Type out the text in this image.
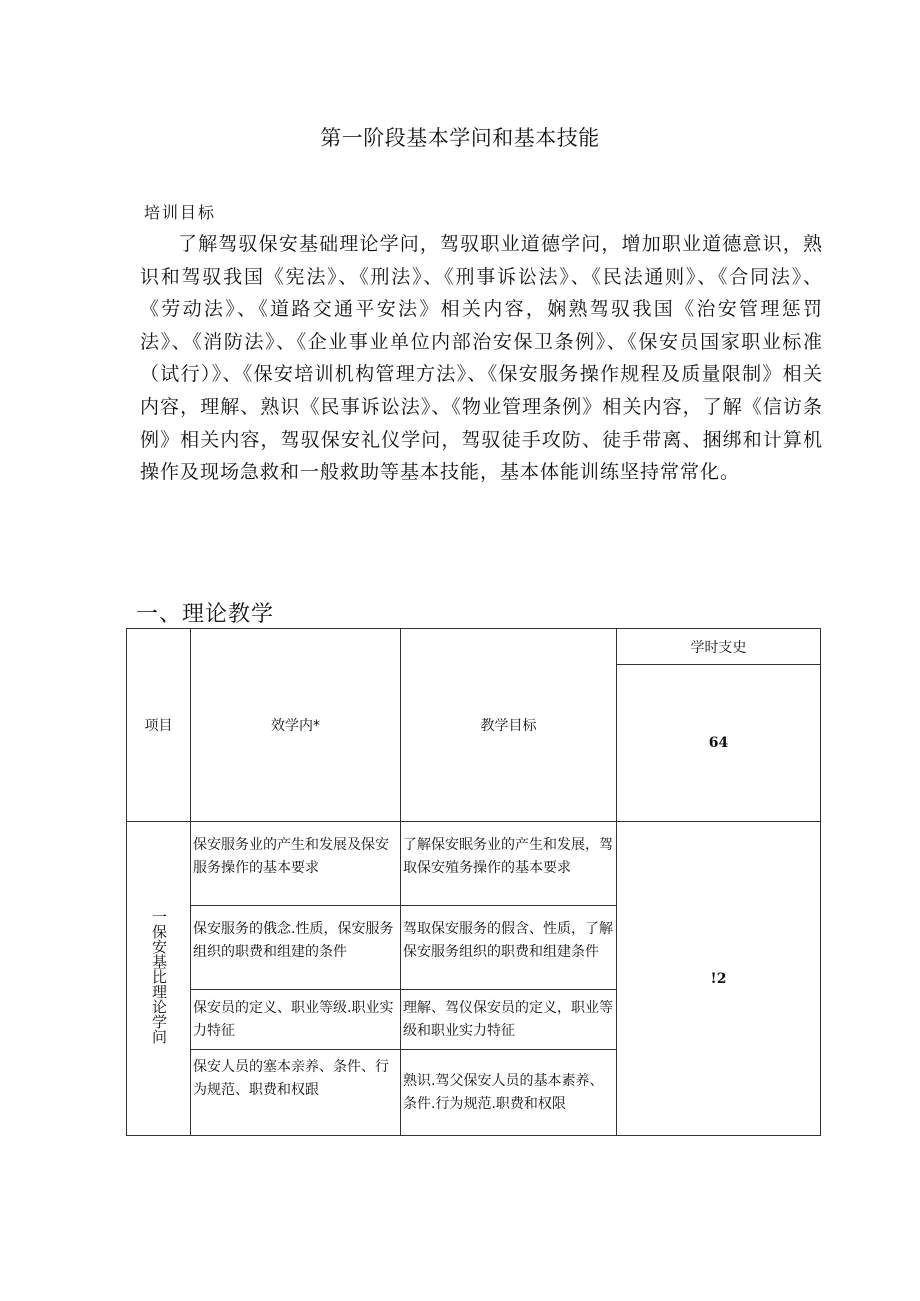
第一阶段基本学问和基本技能
培训目标

了解驾驭保安基础理论学问，驾驭职业道德学问，增加职业道德意识，熟识和驾驭我国《宪法》、《刑法》、《刑事诉讼法》、《民法通则》、《合同法》、《劳动法》、《道路交通平安法》相关内容，娴熟驾驭我国《治安管理惩罚法》、《消防法》、《企业事业单位内部治安保卫条例》、《保安员国家职业标准（试行）》、《保安培训机构管理方法》、《保安服务操作规程及质量限制》相关内容，理解、熟识《民事诉讼法》、《物业管理条例》相关内容，了解《信访条例》相关内容，驾驭保安礼仪学问，驾驭徒手攻防、徒手带离、捆绑和计算机操作及现场急救和一般救助等基本技能，基本体能训练坚持常常化。

一、理论教学
项目	效学内*	教学目标	学时支史
			64
一保安基比理论学问	保安服务业的产生和发展及保安服务操作的基本要求	了解保安眠务业的产生和发展，驾取保安殖务操作的基本要求	!2
	保安服务的俄念.性质，保安服务组织的职费和组建的条件	驾取保安服务的假含、性质，了解保安服务组织的职费和组建条件	
	保安员的定义、职业等级.职业实力特征	理解、驾仪保安员的定义，职业等级和职业实力特征	
	保安人员的塞本亲养、条件、行为规范、职费和权跟	熟识.驾父保安人员的基本素养、条件.行为规范.职费和权限	
